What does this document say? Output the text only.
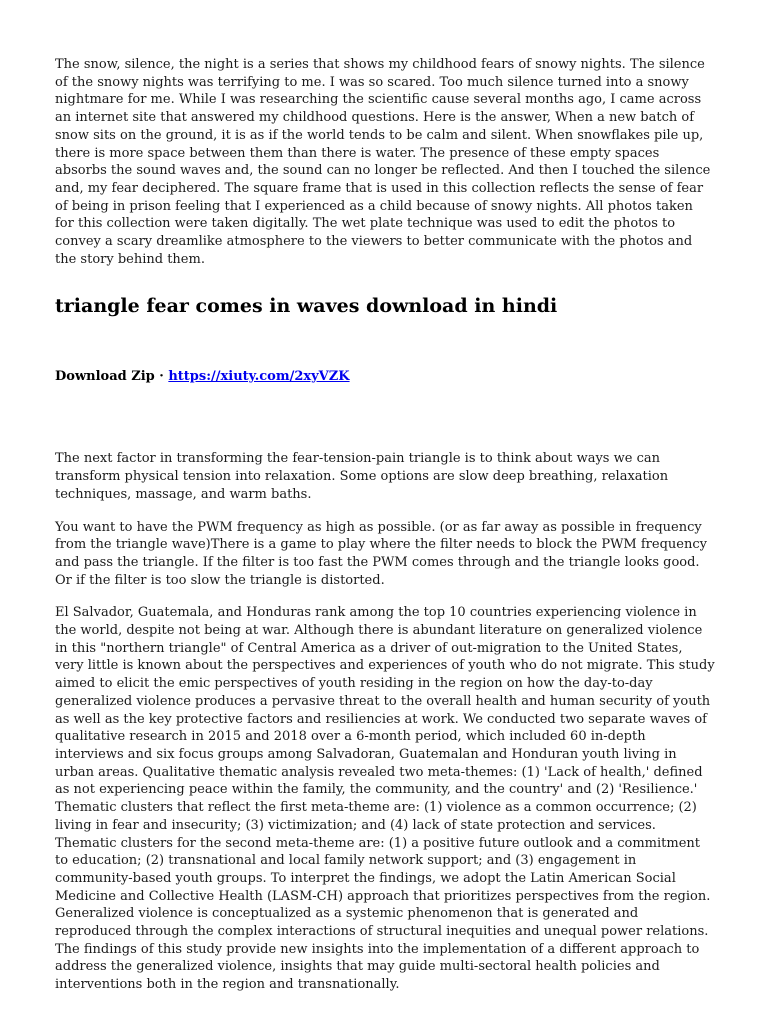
The snow, silence, the night is a series that shows my childhood fears of snowy nights. The silence of the snowy nights was terrifying to me. I was so scared. Too much silence turned into a snowy nightmare for me. While I was researching the scientific cause several months ago, I came across an internet site that answered my childhood questions. Here is the answer, When a new batch of snow sits on the ground, it is as if the world tends to be calm and silent. When snowflakes pile up, there is more space between them than there is water. The presence of these empty spaces absorbs the sound waves and, the sound can no longer be reflected. And then I touched the silence and, my fear deciphered. The square frame that is used in this collection reflects the sense of fear of being in prison feeling that I experienced as a child because of snowy nights. All photos taken for this collection were taken digitally. The wet plate technique was used to edit the photos to convey a scary dreamlike atmosphere to the viewers to better communicate with the photos and the story behind them.

triangle fear comes in waves download in hindi
Download Zip · https://xiuty.com/2xyVZK

The next factor in transforming the fear-tension-pain triangle is to think about ways we can transform physical tension into relaxation. Some options are slow deep breathing, relaxation techniques, massage, and warm baths.

You want to have the PWM frequency as high as possible. (or as far away as possible in frequency from the triangle wave)There is a game to play where the filter needs to block the PWM frequency and pass the triangle. If the filter is too fast the PWM comes through and the triangle looks good. Or if the filter is too slow the triangle is distorted.

El Salvador, Guatemala, and Honduras rank among the top 10 countries experiencing violence in the world, despite not being at war. Although there is abundant literature on generalized violence in this "northern triangle" of Central America as a driver of out-migration to the United States, very little is known about the perspectives and experiences of youth who do not migrate. This study aimed to elicit the emic perspectives of youth residing in the region on how the day-to-day generalized violence produces a pervasive threat to the overall health and human security of youth as well as the key protective factors and resiliencies at work. We conducted two separate waves of qualitative research in 2015 and 2018 over a 6-month period, which included 60 in-depth interviews and six focus groups among Salvadoran, Guatemalan and Honduran youth living in urban areas. Qualitative thematic analysis revealed two meta-themes: (1) 'Lack of health,' defined as not experiencing peace within the family, the community, and the country' and (2) 'Resilience.' Thematic clusters that reflect the first meta-theme are: (1) violence as a common occurrence; (2) living in fear and insecurity; (3) victimization; and (4) lack of state protection and services. Thematic clusters for the second meta-theme are: (1) a positive future outlook and a commitment to education; (2) transnational and local family network support; and (3) engagement in community-based youth groups. To interpret the findings, we adopt the Latin American Social Medicine and Collective Health (LASM-CH) approach that prioritizes perspectives from the region. Generalized violence is conceptualized as a systemic phenomenon that is generated and reproduced through the complex interactions of structural inequities and unequal power relations. The findings of this study provide new insights into the implementation of a different approach to address the generalized violence, insights that may guide multi-sectoral health policies and interventions both in the region and transnationally.
